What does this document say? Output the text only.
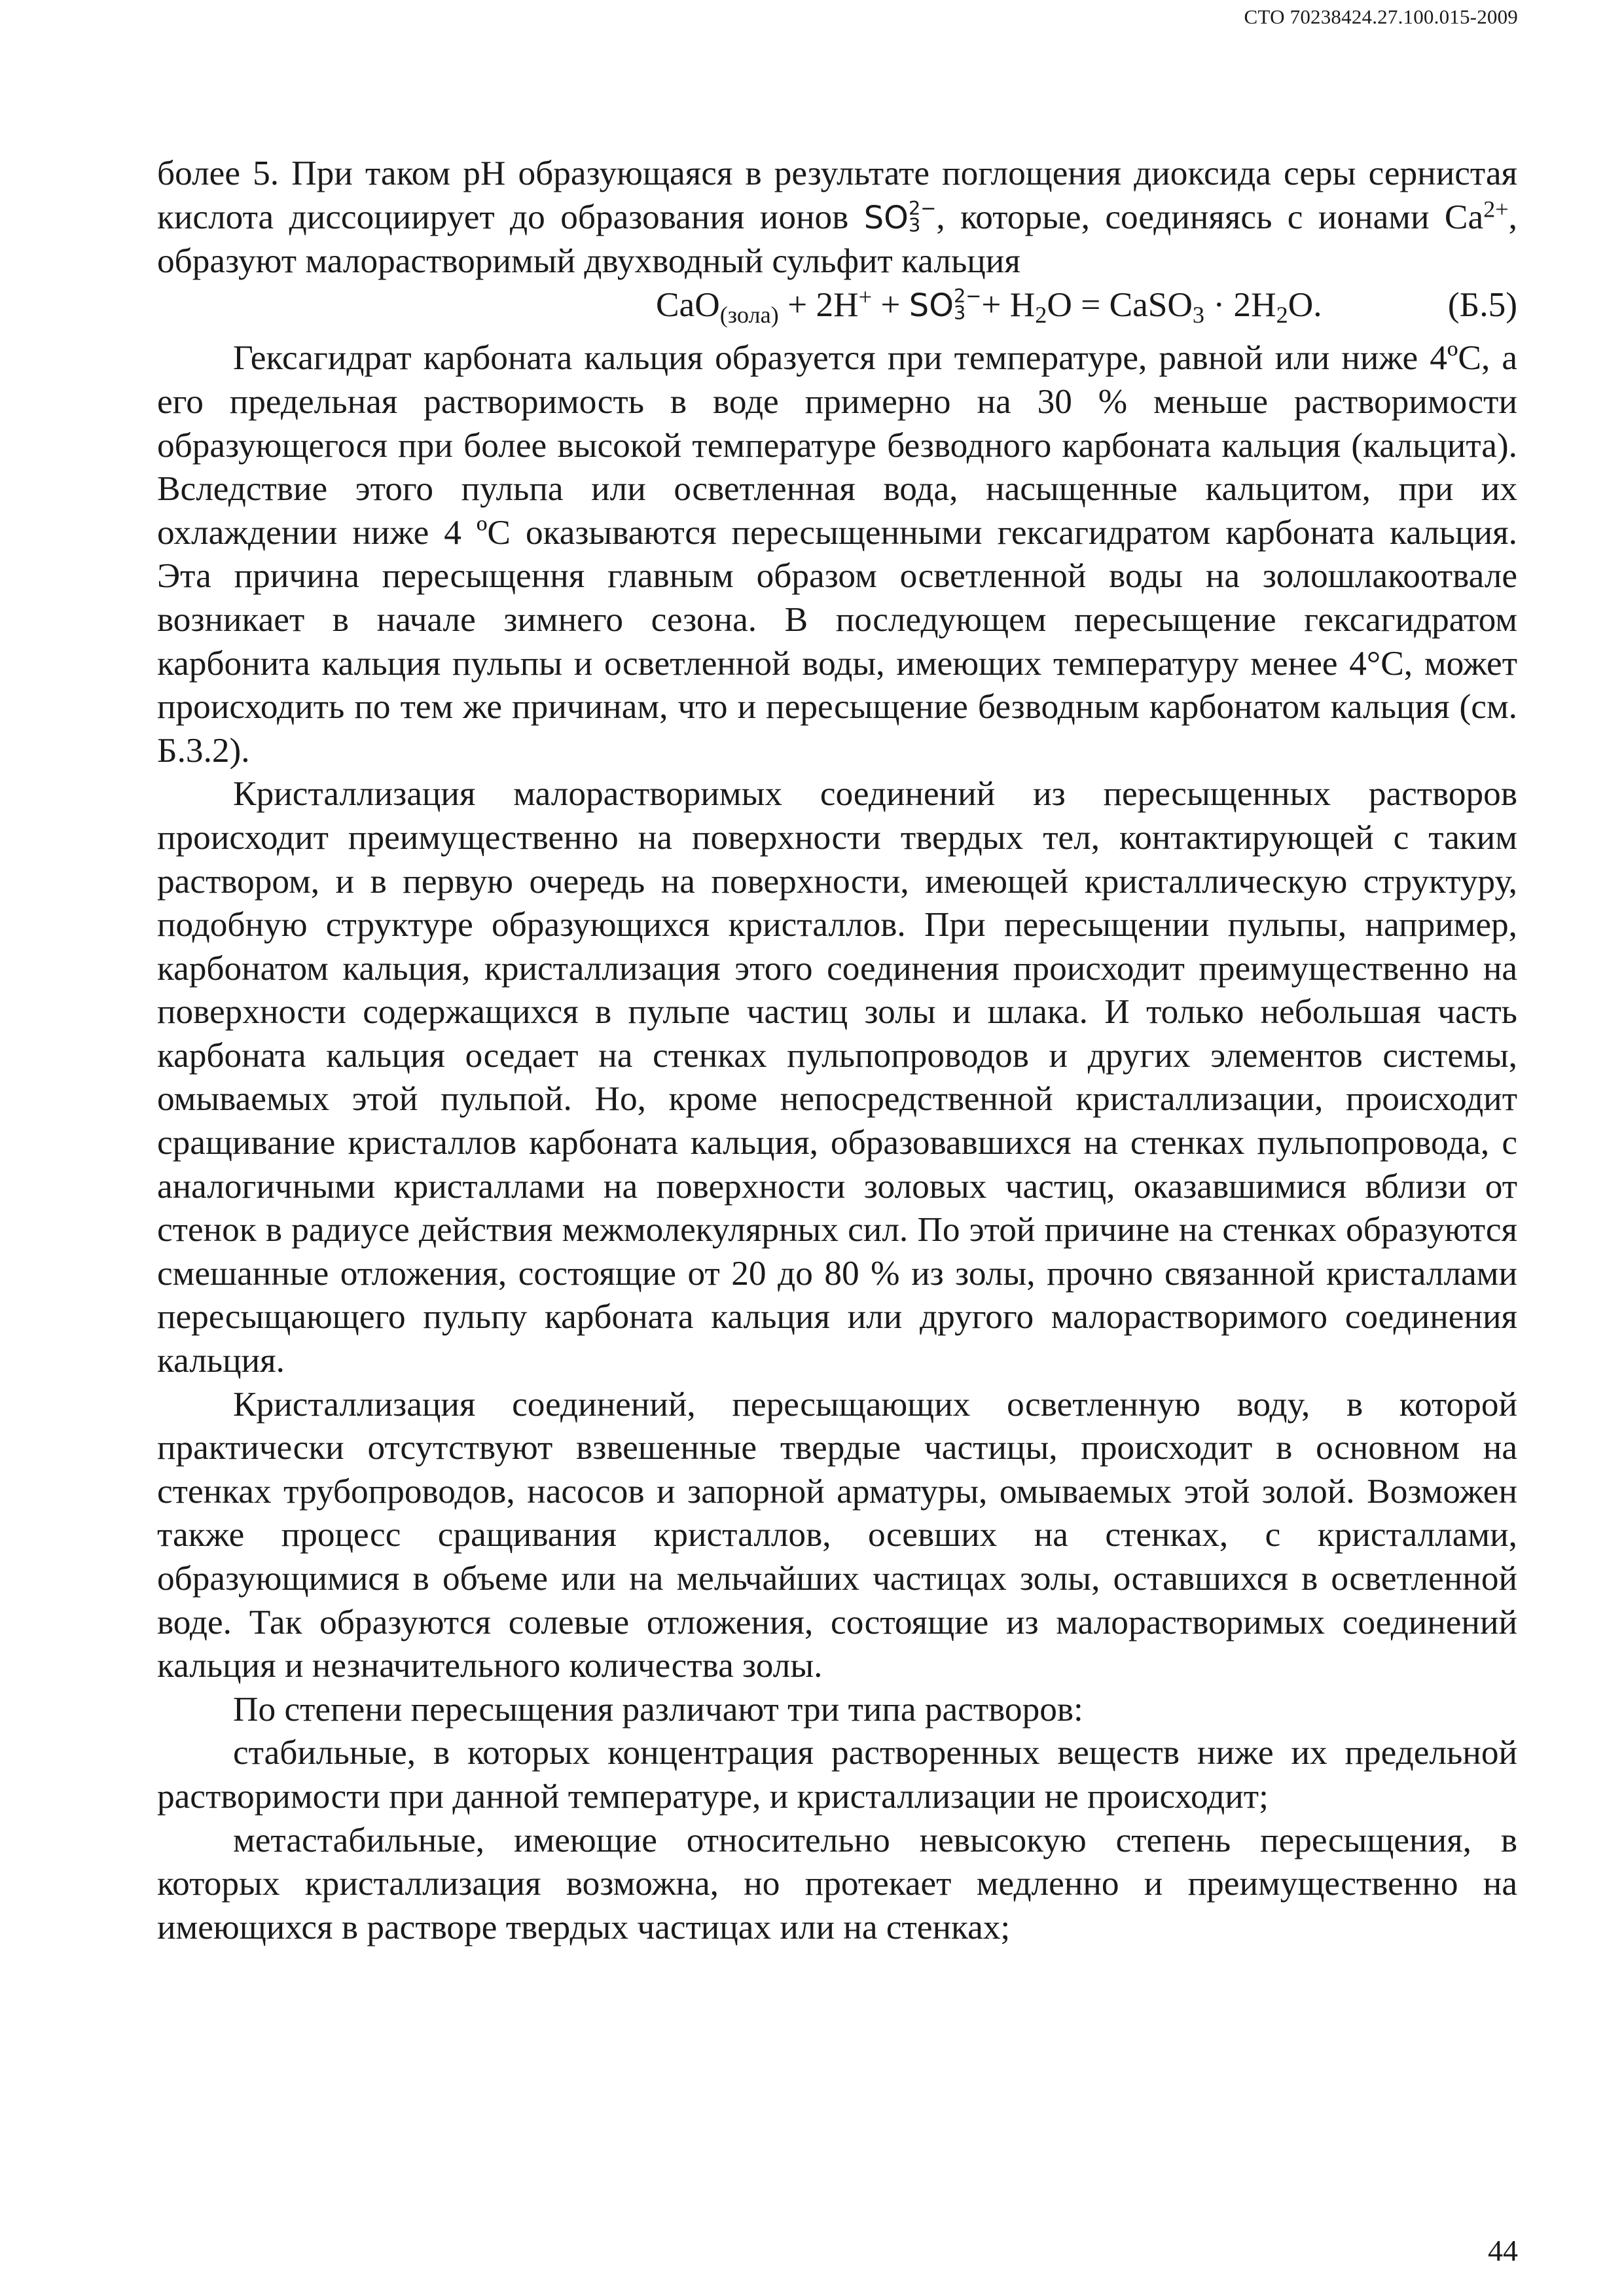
СТО 70238424.27.100.015-2009

более 5. При таком рН образующаяся в результате поглощения диоксида серы сернистая кислота диссоциирует до образования ионов SO 2−
3 , которые, соединяясь с ионами $Ca^{2+}$, образуют малорастворимый двухводный сульфит кальция

CaO$_{(зола)}$ + 2H+ + SO 2−
$3 + H_2O$ = CaSO$_3$ · $2H_2O$.	(Б.5)

Гексагидрат карбоната кальция образуется при температуре, равной или ниже 4ºС, а его предельная растворимость в воде примерно на 30 % меньше растворимости образующегося при более высокой температуре безводного карбоната кальция (кальцита). Вследствие этого пульпа или осветленная вода, насыщенные кальцитом, при их охлаждении ниже 4 ºС оказываются пересыщенными гексагидратом карбоната кальция. Эта причина пересыщення главным образом осветленной воды на золошлакоотвале возникает в начале зимнего сезона. В последующем пересыщение гексагидратом карбонита кальция пульпы и осветленной воды, имеющих температуру менее 4°С, может происходить по тем же причинам, что и пересыщение безводным карбонатом кальция (см. Б.3.2).

Кристаллизация малорастворимых соединений из пересыщенных растворов происходит преимущественно на поверхности твердых тел, контактирующей с таким раствором, и в первую очередь на поверхности, имеющей кристаллическую структуру, подобную структуре образующихся кристаллов. При пересыщении пульпы, например, карбонатом кальция, кристаллизация этого соединения происходит преимущественно на поверхности содержащихся в пульпе частиц золы и шлака. И только небольшая часть карбоната кальция оседает на стенках пульпопроводов и других элементов системы, омываемых этой пульпой. Но, кроме непосредственной кристаллизации, происходит сращивание кристаллов карбоната кальция, образовавшихся на стенках пульпопровода, с аналогичными кристаллами на поверхности золовых частиц, оказавшимися вблизи от стенок в радиусе действия межмолекулярных сил. По этой причине на стенках образуются смешанные отложения, состоящие от 20 до 80 % из золы, прочно связанной кристаллами пересыщающего пульпу карбоната кальция или другого малорастворимого соединения кальция.

Кристаллизация соединений, пересыщающих осветленную воду, в которой практически отсутствуют взвешенные твердые частицы, происходит в основном на стенках трубопроводов, насосов и запорной арматуры, омываемых этой золой. Возможен также процесс сращивания кристаллов, осевших на стенках, с кристаллами, образующимися в объеме или на мельчайших частицах золы, оставшихся в осветленной воде. Так образуются солевые отложения, состоящие из малорастворимых соединений кальция и незначительного количества золы.

По степени пересыщения различают три типа растворов:

стабильные, в которых концентрация растворенных веществ ниже их предельной растворимости при данной температуре, и кристаллизации не происходит;

метастабильные, имеющие относительно невысокую степень пересыщения, в которых кристаллизация возможна, но протекает медленно и преимущественно на имеющихся в растворе твердых частицах или на стенках;

44
